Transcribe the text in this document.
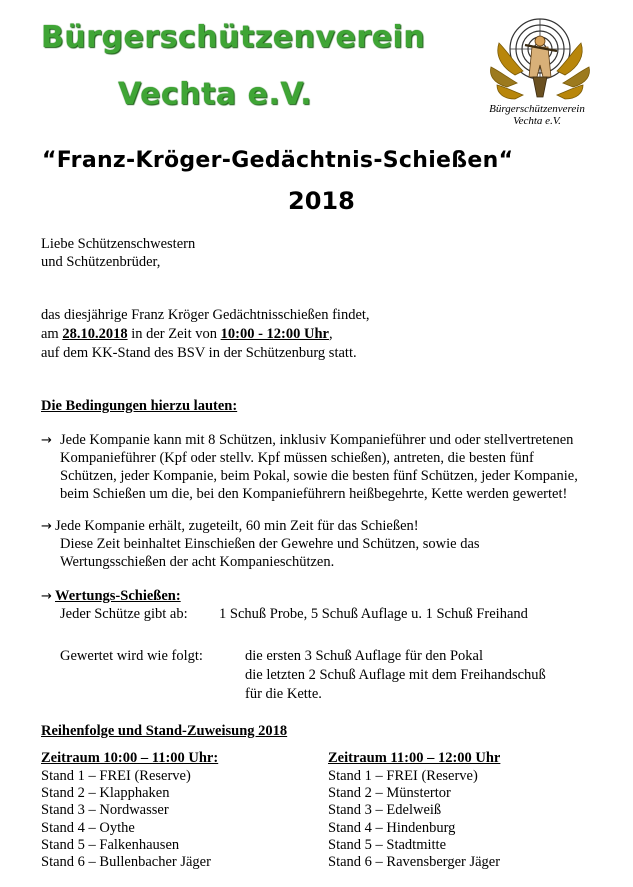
Bürgerschützenverein
Vechta e.V.	Bürgerschützenverein
Vechta e.V.
“Franz-Kröger-Gedächtnis-Schießen“
2018
Liebe Schützenschwestern
und Schützenbrüder,
das diesjährige Franz Kröger Gedächtnisschießen findet,
am 28.10.2018 in der Zeit von 10:00 - 12:00 Uhr,
auf dem KK-Stand des BSV in der Schützenburg statt.
Die Bedingungen hierzu lauten:
→ Jede Kompanie kann mit 8 Schützen, inklusiv Kompanieführer und oder stellvertretenen
Kompanieführer (Kpf oder stellv. Kpf müssen schießen), antreten, die besten fünf
Schützen, jeder Kompanie, beim Pokal, sowie die besten fünf Schützen, jeder Kompanie,
beim Schießen um die, bei den Kompanieführern heißbegehrte, Kette werden gewertet!
→ Jede Kompanie erhält, zugeteilt, 60 min Zeit für das Schießen!
Diese Zeit beinhaltet Einschießen der Gewehre und Schützen, sowie das
Wertungsschießen der acht Kompanieschützen.
→ Wertungs-Schießen:
Jeder Schütze gibt ab: 1 Schuß Probe, 5 Schuß Auflage u. 1 Schuß Freihand
Gewertet wird wie folgt:	die ersten 3 Schuß Auflage für den Pokal
die letzten 2 Schuß Auflage mit dem Freihandschuß
für die Kette.
Reihenfolge und Stand-Zuweisung 2018
Zeitraum 10:00 – 11:00 Uhr:
Stand 1 – FREI (Reserve)
Stand 2 – Klapphaken
Stand 3 – Nordwasser
Stand 4 – Oythe
Stand 5 – Falkenhausen
Stand 6 – Bullenbacher Jäger
Zeitraum 11:00 – 12:00 Uhr
Stand 1 – FREI (Reserve)
Stand 2 – Münstertor
Stand 3 – Edelweiß
Stand 4 – Hindenburg
Stand 5 – Stadtmitte
Stand 6 – Ravensberger Jäger
